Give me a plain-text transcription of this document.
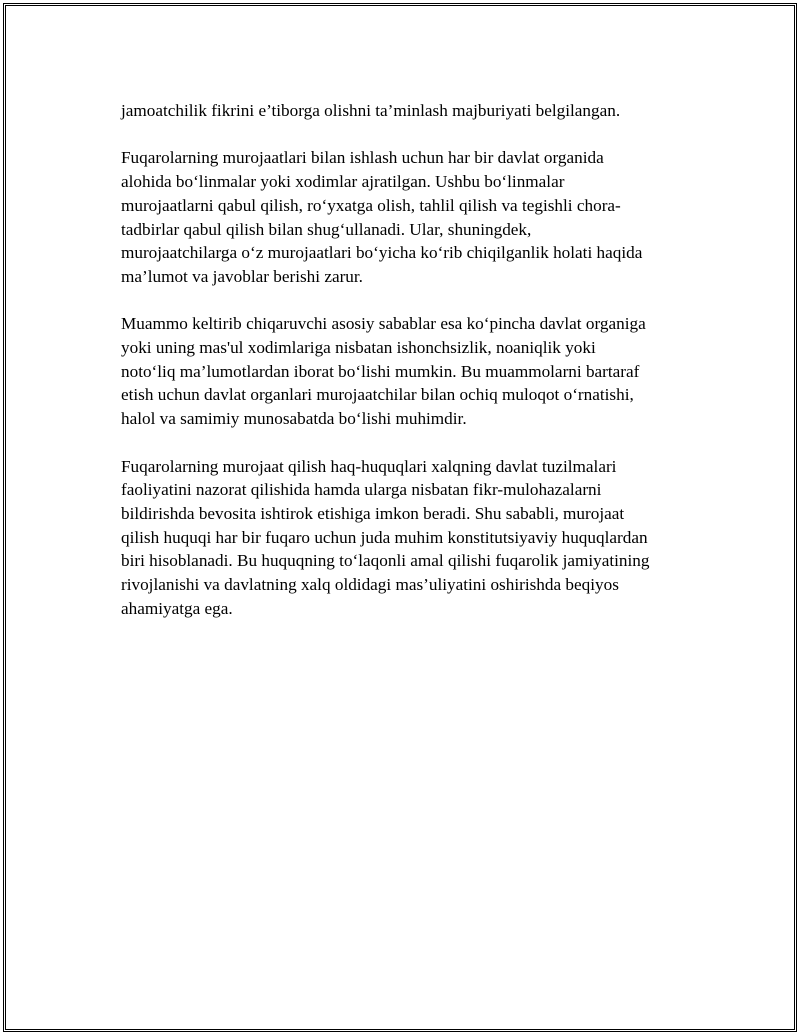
jamoatchilik fikrini e’tiborga olishni ta’minlash majburiyati belgilangan.

Fuqarolarning murojaatlari bilan ishlash uchun har bir davlat organida
alohida bo‘linmalar yoki xodimlar ajratilgan. Ushbu bo‘linmalar
murojaatlarni qabul qilish, ro‘yxatga olish, tahlil qilish va tegishli chora-
tadbirlar qabul qilish bilan shug‘ullanadi. Ular, shuningdek,
murojaatchilarga o‘z murojaatlari bo‘yicha ko‘rib chiqilganlik holati haqida
ma’lumot va javoblar berishi zarur.

Muammo keltirib chiqaruvchi asosiy sabablar esa ko‘pincha davlat organiga
yoki uning mas'ul xodimlariga nisbatan ishonchsizlik, noaniqlik yoki
noto‘liq ma’lumotlardan iborat bo‘lishi mumkin. Bu muammolarni bartaraf
etish uchun davlat organlari murojaatchilar bilan ochiq muloqot o‘rnatishi,
halol va samimiy munosabatda bo‘lishi muhimdir.

Fuqarolarning murojaat qilish haq-huquqlari xalqning davlat tuzilmalari
faoliyatini nazorat qilishida hamda ularga nisbatan fikr-mulohazalarni
bildirishda bevosita ishtirok etishiga imkon beradi. Shu sababli, murojaat
qilish huquqi har bir fuqaro uchun juda muhim konstitutsiyaviy huquqlardan
biri hisoblanadi. Bu huquqning to‘laqonli amal qilishi fuqarolik jamiyatining
rivojlanishi va davlatning xalq oldidagi mas’uliyatini oshirishda beqiyos
ahamiyatga ega.
